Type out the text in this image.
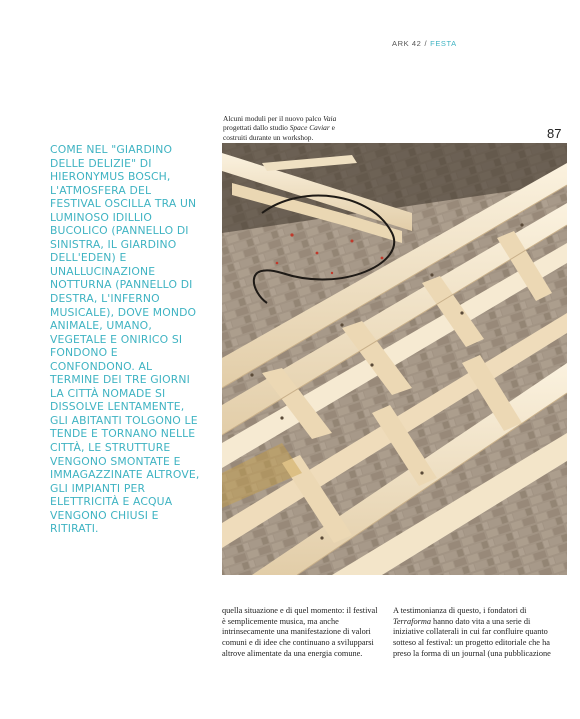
ARK 42 / FESTA
87
Alcuni moduli per il nuovo palco Vaia
progettati dallo studio Space Caviar e
costruiti durante un workshop.
COME NEL "GIARDINO DELLE DELIZIE" DI HIERONYMUS BOSCH, L'ATMOSFERA DEL FESTIVAL OSCILLA TRA UN LUMINOSO IDILLIO BUCOLICO (PANNELLO DI SINISTRA, IL GIARDINO DELL'EDEN) E UNALLUCINAZIONE NOTTURNA (PANNELLO DI DESTRA, L'INFERNO MUSICALE), DOVE MONDO ANIMALE, UMANO, VEGETALE E ONIRICO SI FONDONO E CONFONDONO. AL TERMINE DEI TRE GIORNI LA CITTÀ NOMADE SI DISSOLVE LENTAMENTE, GLI ABITANTI TOLGONO LE TENDE E TORNANO NELLE CITTÀ, LE STRUTTURE VENGONO SMONTATE E IMMAGAZZINATE ALTROVE, GLI IMPIANTI PER ELETTRICITÀ E ACQUA VENGONO CHIUSI E RITIRATI.
quella situazione e di quel momento: il festival è semplicemente musica, ma anche intrinsecamente una manifestazione di valori comuni e di idee che continuano a svilupparsi altrove alimentate da una energia comune.
A testimonianza di questo, i fondatori di Terraforma hanno dato vita a una serie di iniziative collaterali in cui far confluire quanto sotteso al festival: un progetto editoriale che ha preso la forma di un journal (una pubblicazione
